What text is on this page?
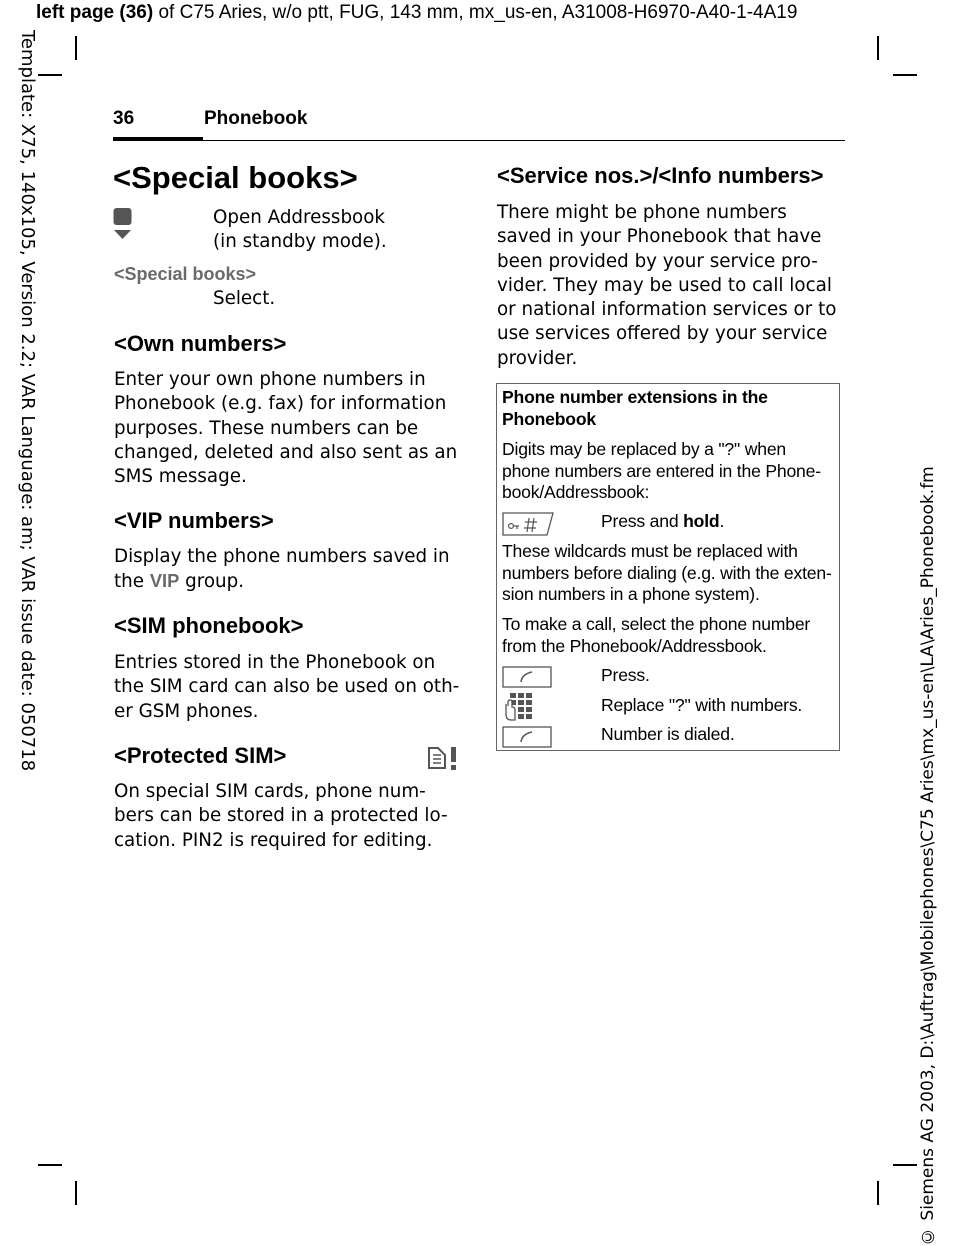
left page (36) of C75 Aries, w/o ptt, FUG, 143 mm, mx_us-en, A31008-H6970-A40-1-4A19
Template: X75, 140x105, Version 2.2; VAR Language: am; VAR issue date: 050718
© Siemens AG 2003, D:\Auftrag\Mobilephones\C75 Aries\mx_us-en\LA\Aries_Phonebook.fm
36	Phonebook
<Special books>
Open Addressbook
(in standby mode).
<Special books>
Select.
<Own numbers>
Enter your own phone numbers in
Phonebook (e.g. fax) for information
purposes. These numbers can be
changed, deleted and also sent as an
SMS message.
<VIP numbers>
Display the phone numbers saved in
the VIP group.
<SIM phonebook>
Entries stored in the Phonebook on
the SIM card can also be used on oth-
er GSM phones.
<Protected SIM>
On special SIM cards, phone num-
bers can be stored in a protected lo-
cation. PIN2 is required for editing.
<Service nos.>/<Info numbers>
There might be phone numbers
saved in your Phonebook that have
been provided by your service pro-
vider. They may be used to call local
or national information services or to
use services offered by your service
provider.
Phone number extensions in the
Phonebook
Digits may be replaced by a "?" when
phone numbers are entered in the Phone-
book/Addressbook:
Press and hold.
These wildcards must be replaced with
numbers before dialing (e.g. with the exten-
sion numbers in a phone system).
To make a call, select the phone number
from the Phonebook/Addressbook.
Press.
Replace "?" with numbers.
Number is dialed.
